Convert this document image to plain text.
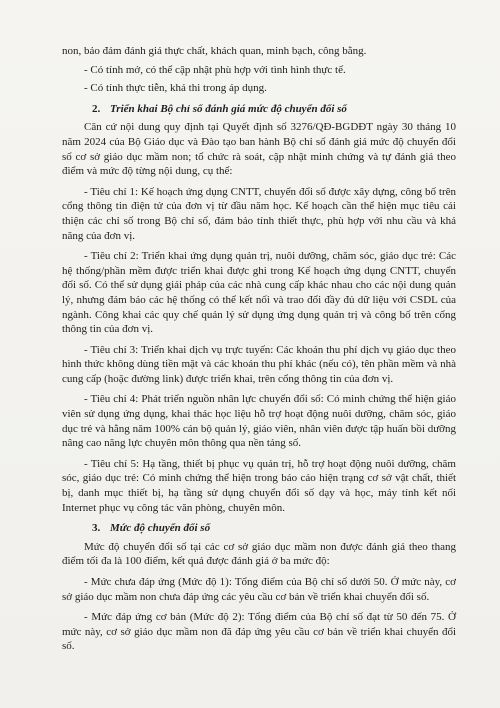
non, bảo đảm đánh giá thực chất, khách quan, minh bạch, công bằng.

- Có tính mở, có thể cập nhật phù hợp với tình hình thực tế.

- Có tính thực tiễn, khả thi trong áp dụng.

2. Triển khai Bộ chỉ số đánh giá mức độ chuyển đổi số

Căn cứ nội dung quy định tại Quyết định số 3276/QĐ-BGDĐT ngày 30 tháng 10 năm 2024 của Bộ Giáo dục và Đào tạo ban hành Bộ chỉ số đánh giá mức độ chuyển đổi số cơ sở giáo dục mầm non; tổ chức rà soát, cập nhật minh chứng và tự đánh giá theo điểm và mức độ từng nội dung, cụ thể:

- Tiêu chí 1: Kế hoạch ứng dụng CNTT, chuyển đổi số được xây dựng, công bố trên cổng thông tin điện tử của đơn vị từ đầu năm học. Kế hoạch cần thể hiện mục tiêu cải thiện các chỉ số trong Bộ chỉ số, đảm bảo tính thiết thực, phù hợp với nhu cầu và khả năng của đơn vị.

- Tiêu chí 2: Triển khai ứng dụng quản trị, nuôi dưỡng, chăm sóc, giáo dục trẻ: Các hệ thống/phần mềm được triển khai được ghi trong Kế hoạch ứng dụng CNTT, chuyển đổi số. Có thể sử dụng giải pháp của các nhà cung cấp khác nhau cho các nội dung quản lý, nhưng đảm bảo các hệ thống có thể kết nối và trao đổi đầy đủ dữ liệu với CSDL của ngành. Công khai các quy chế quản lý sử dụng ứng dụng quản trị và công bố trên cổng thông tin của đơn vị.

- Tiêu chí 3: Triển khai dịch vụ trực tuyến: Các khoản thu phí dịch vụ giáo dục theo hình thức không dùng tiền mặt và các khoản thu phí khác (nếu có), tên phần mềm và nhà cung cấp (hoặc đường link) được triển khai, trên cổng thông tin của đơn vị.

- Tiêu chí 4: Phát triển nguồn nhân lực chuyển đổi số: Có minh chứng thể hiện giáo viên sử dụng ứng dụng, khai thác học liệu hỗ trợ hoạt động nuôi dưỡng, chăm sóc, giáo dục trẻ và hằng năm 100% cán bộ quản lý, giáo viên, nhân viên được tập huấn bồi dưỡng nâng cao năng lực chuyên môn thông qua nền tảng số.

- Tiêu chí 5: Hạ tầng, thiết bị phục vụ quản trị, hỗ trợ hoạt động nuôi dưỡng, chăm sóc, giáo dục trẻ: Có minh chứng thể hiện trong báo cáo hiện trạng cơ sở vật chất, thiết bị, danh mục thiết bị, hạ tầng sử dụng chuyển đổi số dạy và học, máy tính kết nối Internet phục vụ công tác văn phòng, chuyên môn.

3. Mức độ chuyển đổi số

Mức độ chuyển đổi số tại các cơ sở giáo dục mầm non được đánh giá theo thang điểm tối đa là 100 điểm, kết quả được đánh giá ở ba mức độ:

- Mức chưa đáp ứng (Mức độ 1): Tổng điểm của Bộ chỉ số dưới 50. Ở mức này, cơ sở giáo dục mầm non chưa đáp ứng các yêu cầu cơ bản về triển khai chuyển đổi số.

- Mức đáp ứng cơ bản (Mức độ 2): Tổng điểm của Bộ chỉ số đạt từ 50 đến 75. Ở mức này, cơ sở giáo dục mầm non đã đáp ứng yêu cầu cơ bản về triển khai chuyển đổi số.
